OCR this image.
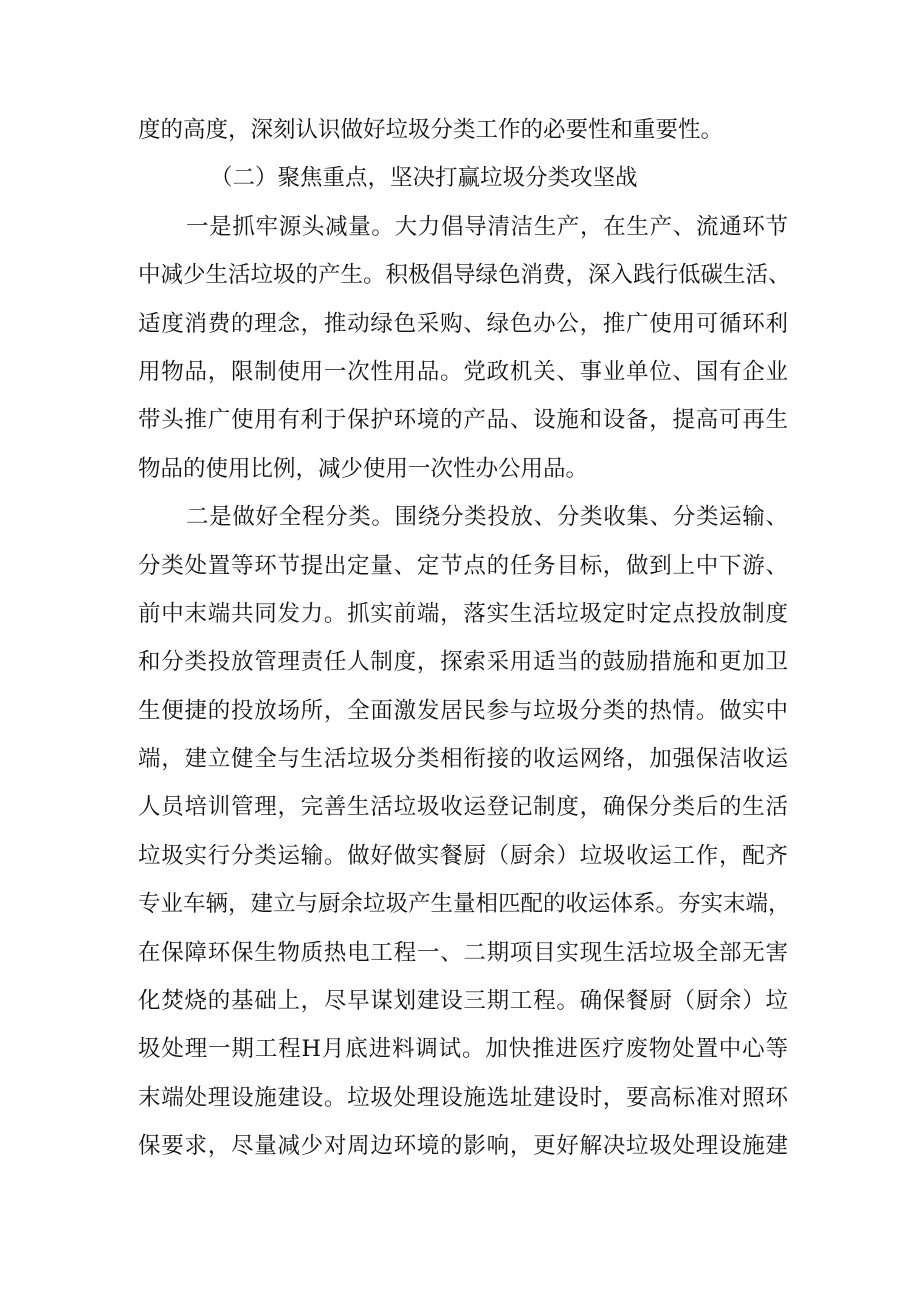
度的高度，深刻认识做好垃圾分类工作的必要性和重要性。
（二）聚焦重点，坚决打赢垃圾分类攻坚战
一是抓牢源头减量。大力倡导清洁生产，在生产、流通环节
中减少生活垃圾的产生。积极倡导绿色消费，深入践行低碳生活、
适度消费的理念，推动绿色采购、绿色办公，推广使用可循环利
用物品，限制使用一次性用品。党政机关、事业单位、国有企业
带头推广使用有利于保护环境的产品、设施和设备，提高可再生
物品的使用比例，减少使用一次性办公用品。
二是做好全程分类。围绕分类投放、分类收集、分类运输、
分类处置等环节提出定量、定节点的任务目标，做到上中下游、
前中末端共同发力。抓实前端，落实生活垃圾定时定点投放制度
和分类投放管理责任人制度，探索采用适当的鼓励措施和更加卫
生便捷的投放场所，全面激发居民参与垃圾分类的热情。做实中
端，建立健全与生活垃圾分类相衔接的收运网络，加强保洁收运
人员培训管理，完善生活垃圾收运登记制度，确保分类后的生活
垃圾实行分类运输。做好做实餐厨（厨余）垃圾收运工作，配齐
专业车辆，建立与厨余垃圾产生量相匹配的收运体系。夯实末端，
在保障环保生物质热电工程一、二期项目实现生活垃圾全部无害
化焚烧的基础上，尽早谋划建设三期工程。确保餐厨（厨余）垃
圾处理一期工程H月底进料调试。加快推进医疗废物处置中心等
末端处理设施建设。垃圾处理设施选址建设时，要高标准对照环
保要求，尽量减少对周边环境的影响，更好解决垃圾处理设施建
